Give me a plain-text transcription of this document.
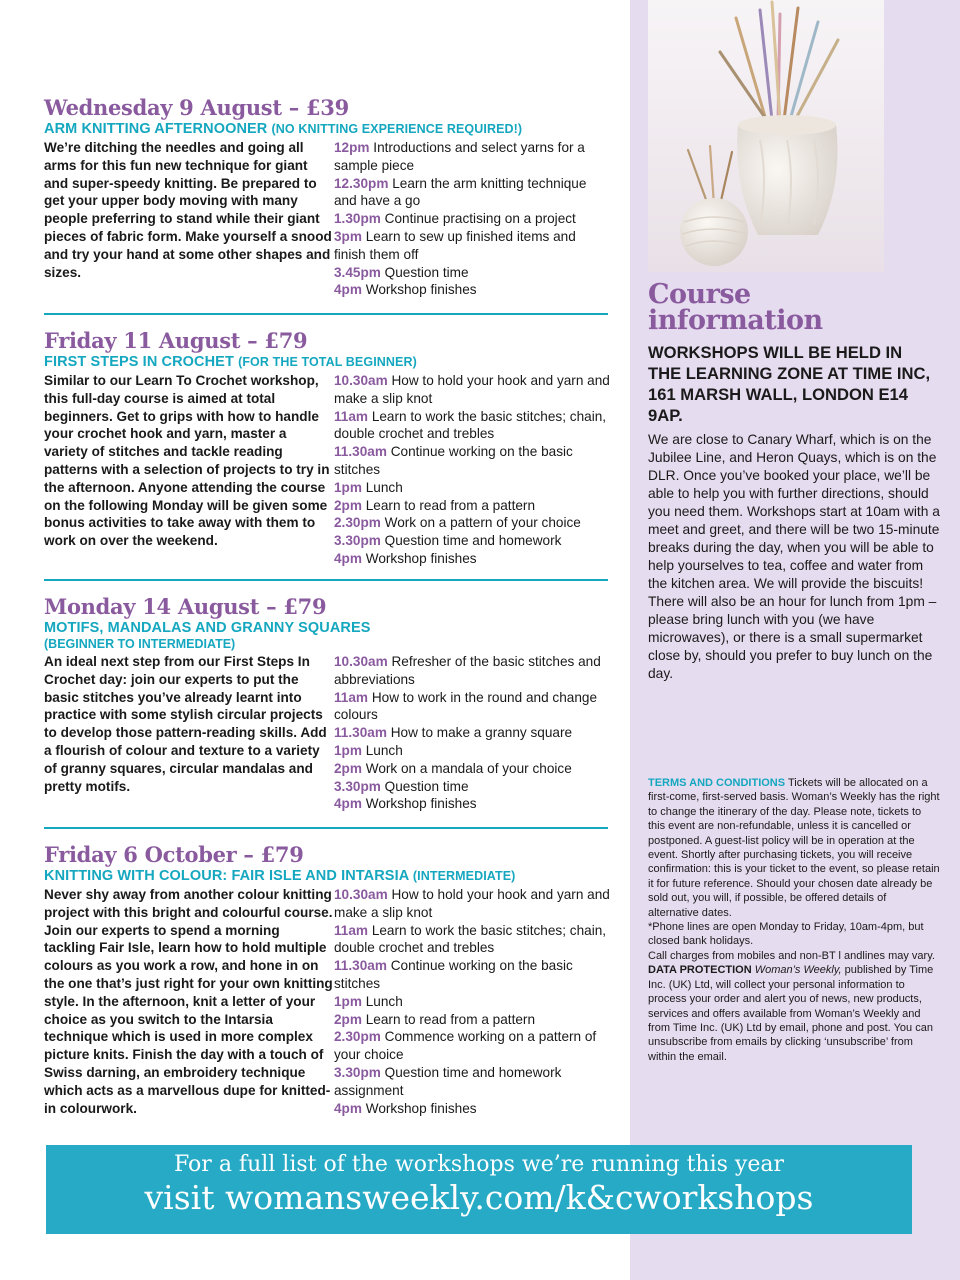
Wednesday 9 August – £39
ARM KNITTING AFTERNOONER (NO KNITTING EXPERIENCE REQUIRED!)

We’re ditching the needles and going all arms for this fun new technique for giant and super-speedy knitting. Be prepared to get your upper body moving with many people preferring to stand while their giant pieces of fabric form. Make yourself a snood and try your hand at some other shapes and sizes.

12pm Introductions and select yarns for a sample piece
12.30pm Learn the arm knitting technique and have a go
1.30pm Continue practising on a project
3pm Learn to sew up finished items and finish them off
3.45pm Question time
4pm Workshop finishes
Friday 11 August – £79
FIRST STEPS IN CROCHET (FOR THE TOTAL BEGINNER)

Similar to our Learn To Crochet workshop, this full-day course is aimed at total beginners. Get to grips with how to handle your crochet hook and yarn, master a variety of stitches and tackle reading patterns with a selection of projects to try in the afternoon. Anyone attending the course on the following Monday will be given some bonus activities to take away with them to work on over the weekend.

10.30am How to hold your hook and yarn and make a slip knot
11am Learn to work the basic stitches; chain, double crochet and trebles
11.30am Continue working on the basic stitches
1pm Lunch
2pm Learn to read from a pattern
2.30pm Work on a pattern of your choice
3.30pm Question time and homework
4pm Workshop finishes
Monday 14 August – £79
MOTIFS, MANDALAS AND GRANNY SQUARES

(BEGINNER TO INTERMEDIATE)

An ideal next step from our First Steps In Crochet day: join our experts to put the basic stitches you’ve already learnt into practice with some stylish circular projects to develop those pattern-reading skills. Add a flourish of colour and texture to a variety of granny squares, circular mandalas and pretty motifs.

10.30am Refresher of the basic stitches and abbreviations
11am How to work in the round and change colours
11.30am How to make a granny square
1pm Lunch
2pm Work on a mandala of your choice
3.30pm Question time
4pm Workshop finishes
Friday 6 October – £79
KNITTING WITH COLOUR: FAIR ISLE AND INTARSIA (INTERMEDIATE)

Never shy away from another colour knitting project with this bright and colourful course. Join our experts to spend a morning tackling Fair Isle, learn how to hold multiple colours as you work a row, and hone in on the one that’s just right for your own knitting style. In the afternoon, knit a letter of your choice as you switch to the Intarsia technique which is used in more complex picture knits. Finish the day with a touch of Swiss darning, an embroidery technique which acts as a marvellous dupe for knitted-in colourwork.

10.30am How to hold your hook and yarn and make a slip knot
11am Learn to work the basic stitches; chain, double crochet and trebles
11.30am Continue working on the basic stitches
1pm Lunch
2pm Learn to read from a pattern
2.30pm Commence working on a pattern of your choice
3.30pm Question time and homework assignment
4pm Workshop finishes
Course
information

WORKSHOPS WILL BE HELD IN THE LEARNING ZONE AT TIME INC, 161 MARSH WALL, LONDON E14 9AP.

We are close to Canary Wharf, which is on the Jubilee Line, and Heron Quays, which is on the DLR. Once you’ve booked your place, we’ll be able to help you with further directions, should you need them. Workshops start at 10am with a meet and greet, and there will be two 15-minute breaks during the day, when you will be able to help yourselves to tea, coffee and water from the kitchen area. We will provide the biscuits! There will also be an hour for lunch from 1pm – please bring lunch with you (we have microwaves), or there is a small supermarket close by, should you prefer to buy lunch on the day.

TERMS AND CONDITIONS Tickets will be allocated on a first-come, first-served basis. Woman’s Weekly has the right to change the itinerary of the day. Please note, tickets to this event are non-refundable, unless it is cancelled or postponed. A guest-list policy will be in operation at the event. Shortly after purchasing tickets, you will receive confirmation: this is your ticket to the event, so please retain it for future reference. Should your chosen date already be sold out, you will, if possible, be offered details of alternative dates.
*Phone lines are open Monday to Friday, 10am-4pm, but closed bank holidays.
Call charges from mobiles and non-BT l andlines may vary.
DATA PROTECTION Woman’s Weekly, published by Time Inc. (UK) Ltd, will collect your personal information to process your order and alert you of news, new products, services and offers available from Woman’s Weekly and from Time Inc. (UK) Ltd by email, phone and post. You can unsubscribe from emails by clicking ‘unsubscribe’ from within the email.
For a full list of the workshops we’re running this year
visit womansweekly.com/k&cworkshops
